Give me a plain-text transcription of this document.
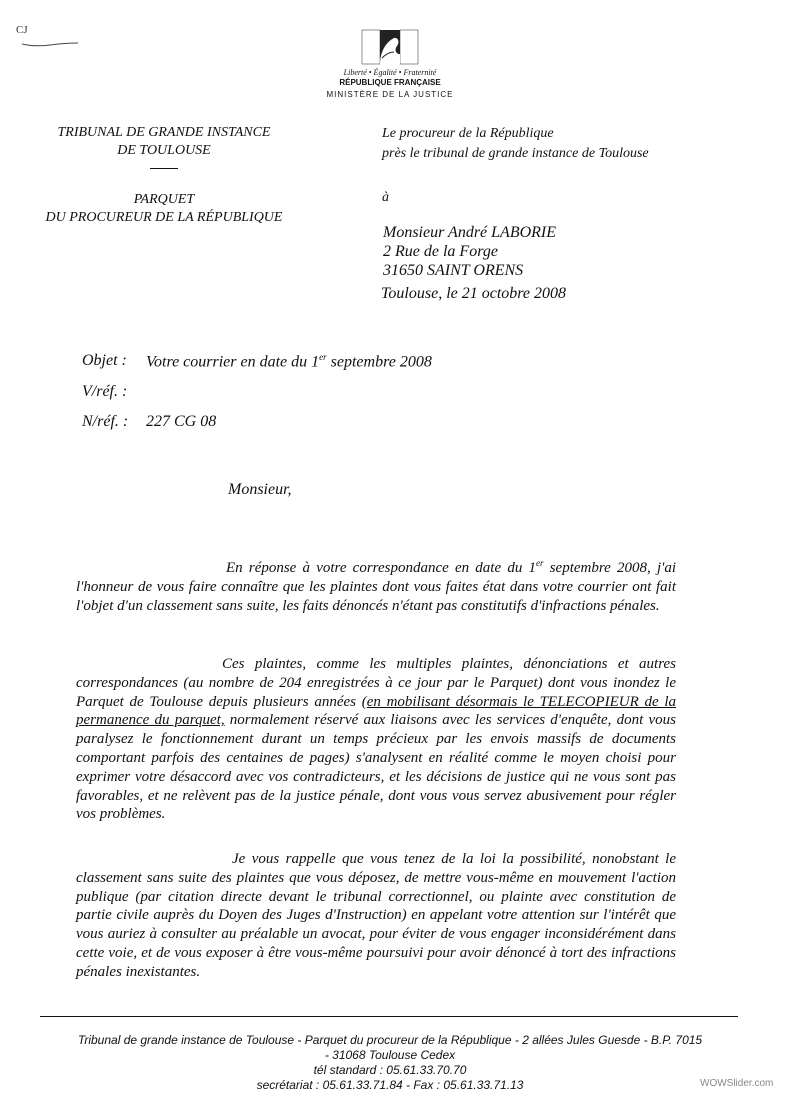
CJ
Liberté • Égalité • Fraternité
RÉPUBLIQUE FRANÇAISE
MINISTÈRE DE LA JUSTICE
TRIBUNAL DE GRANDE INSTANCE
DE TOULOUSE
PARQUET
DU PROCUREUR DE LA RÉPUBLIQUE
Le procureur de la République
près le tribunal de grande instance de Toulouse
à
Monsieur André LABORIE
2 Rue de la Forge
31650 SAINT ORENS
Toulouse, le 21 octobre 2008
Objet : Votre courrier en date du 1er septembre 2008
V/réf. :
N/réf. : 227 CG 08
Monsieur,
En réponse à votre correspondance en date du 1er septembre 2008, j'ai l'honneur de vous faire connaître que les plaintes dont vous faites état dans votre courrier ont fait l'objet d'un classement sans suite, les faits dénoncés n'étant pas constitutifs d'infractions pénales.
Ces plaintes, comme les multiples plaintes, dénonciations et autres correspondances (au nombre de 204 enregistrées à ce jour par le Parquet) dont vous inondez le Parquet de Toulouse depuis plusieurs années (en mobilisant désormais le TELECOPIEUR de la permanence du parquet, normalement réservé aux liaisons avec les services d'enquête, dont vous paralysez le fonctionnement durant un temps précieux par les envois massifs de documents comportant parfois des centaines de pages) s'analysent en réalité comme le moyen choisi pour exprimer votre désaccord avec vos contradicteurs, et les décisions de justice qui ne vous sont pas favorables, et ne relèvent pas de la justice pénale, dont vous vous servez abusivement pour régler vos problèmes.
Je vous rappelle que vous tenez de la loi la possibilité, nonobstant le classement sans suite des plaintes que vous déposez, de mettre vous-même en mouvement l'action publique (par citation directe devant le tribunal correctionnel, ou plainte avec constitution de partie civile auprès du Doyen des Juges d'Instruction) en appelant votre attention sur l'intérêt que vous auriez à consulter au préalable un avocat, pour éviter de vous engager inconsidérément dans cette voie, et de vous exposer à être vous-même poursuivi pour avoir dénoncé à tort des infractions pénales inexistantes.
Tribunal de grande instance de Toulouse - Parquet du procureur de la République - 2 allées Jules Guesde - B.P. 7015
- 31068 Toulouse Cedex
tél standard : 05.61.33.70.70
secrétariat : 05.61.33.71.84 - Fax : 05.61.33.71.13	WOWSlider.com
